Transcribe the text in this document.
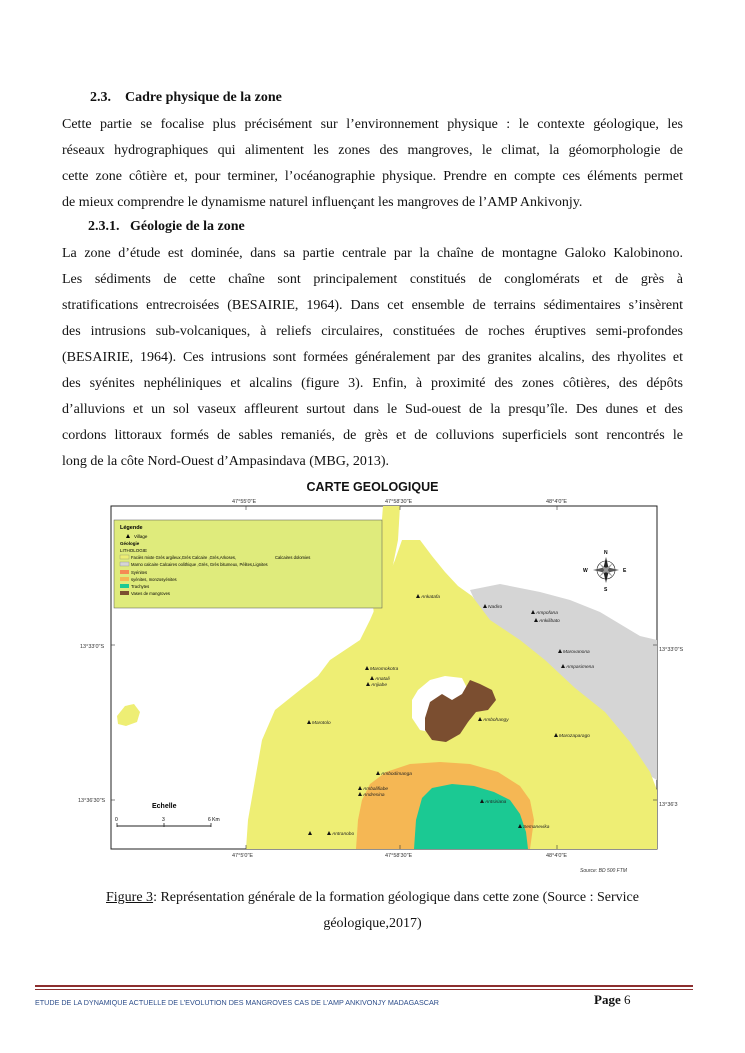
2.3. Cadre physique de la zone
Cette partie se focalise plus précisément sur l’environnement physique : le contexte géologique, les
réseaux hydrographiques qui alimentent les zones des mangroves, le climat, la géomorphologie de
cette zone côtière et, pour terminer, l’océanographie physique. Prendre en compte ces éléments permet
de mieux comprendre le dynamisme naturel influençant les mangroves de l’AMP Ankivonjy.
2.3.1. Géologie de la zone
La zone d’étude est dominée, dans sa partie centrale par la chaîne de montagne Galoko Kalobinono.
Les sédiments de cette chaîne sont principalement constitués de conglomérats et de grès à
stratifications entrecroisées (BESAIRIE, 1964). Dans cet ensemble de terrains sédimentaires s’insèrent
des intrusions sub-volcaniques, à reliefs circulaires, constituées de roches éruptives semi-profondes
(BESAIRIE, 1964). Ces intrusions sont formées généralement par des granites alcalins, des rhyolites et
des syénites nephéliniques et alcalins (figure 3). Enfin, à proximité des zones côtières, des dépôts
d’alluvions et un sol vaseux affleurent surtout dans le Sud-ouest de la presqu’île. Des dunes et des
cordons littoraux formés de sables remaniés, de grès et de colluvions superficiels sont rencontrés le
long de la côte Nord-Ouest d’Ampasindava (MBG, 2013).
CARTE GEOLOGIQUE
47°55'0"E	47°58'30"E	48°4'0"E
47°5'0"E	47°58'30"E	48°4'0"E
13°33'0"S
13°36'30"S
13°33'0"S
13°36'3
Légende
Village
Géologie
LITHOLOGIE
Faciès mixte Grès argileux,Grès Calcaire ,Grès,Arkoses,	Calcaires dolomies
Marno calcaire Calcaires oolithique ,Grès, Grès bitumeux, Pélites,Lignites
Syénites
syénites, monzosyénites
Trachytes
Vases de mangroves
N
S
E
W
Ankatafa
Nadiro
Ampofana
Ankilibato
Marovanona
Ampasimena
Maromokotra
Anatali
Anjiabe
Marotolo
Ambohangy
Marozaparago
Ambodimanga
Ambalifiabe
Andresina
Antsiriana
Semanevika
Antranobo
Echelle
0	3	6 Km
Source: BD 500 FTM
Figure 3: Représentation générale de la formation géologique dans cette zone (Source : Service
géologique,2017)
ETUDE DE LA DYNAMIQUE ACTUELLE DE L’EVOLUTION DES MANGROVES CAS DE L’AMP ANKIVONJY MADAGASCAR	Page 6
